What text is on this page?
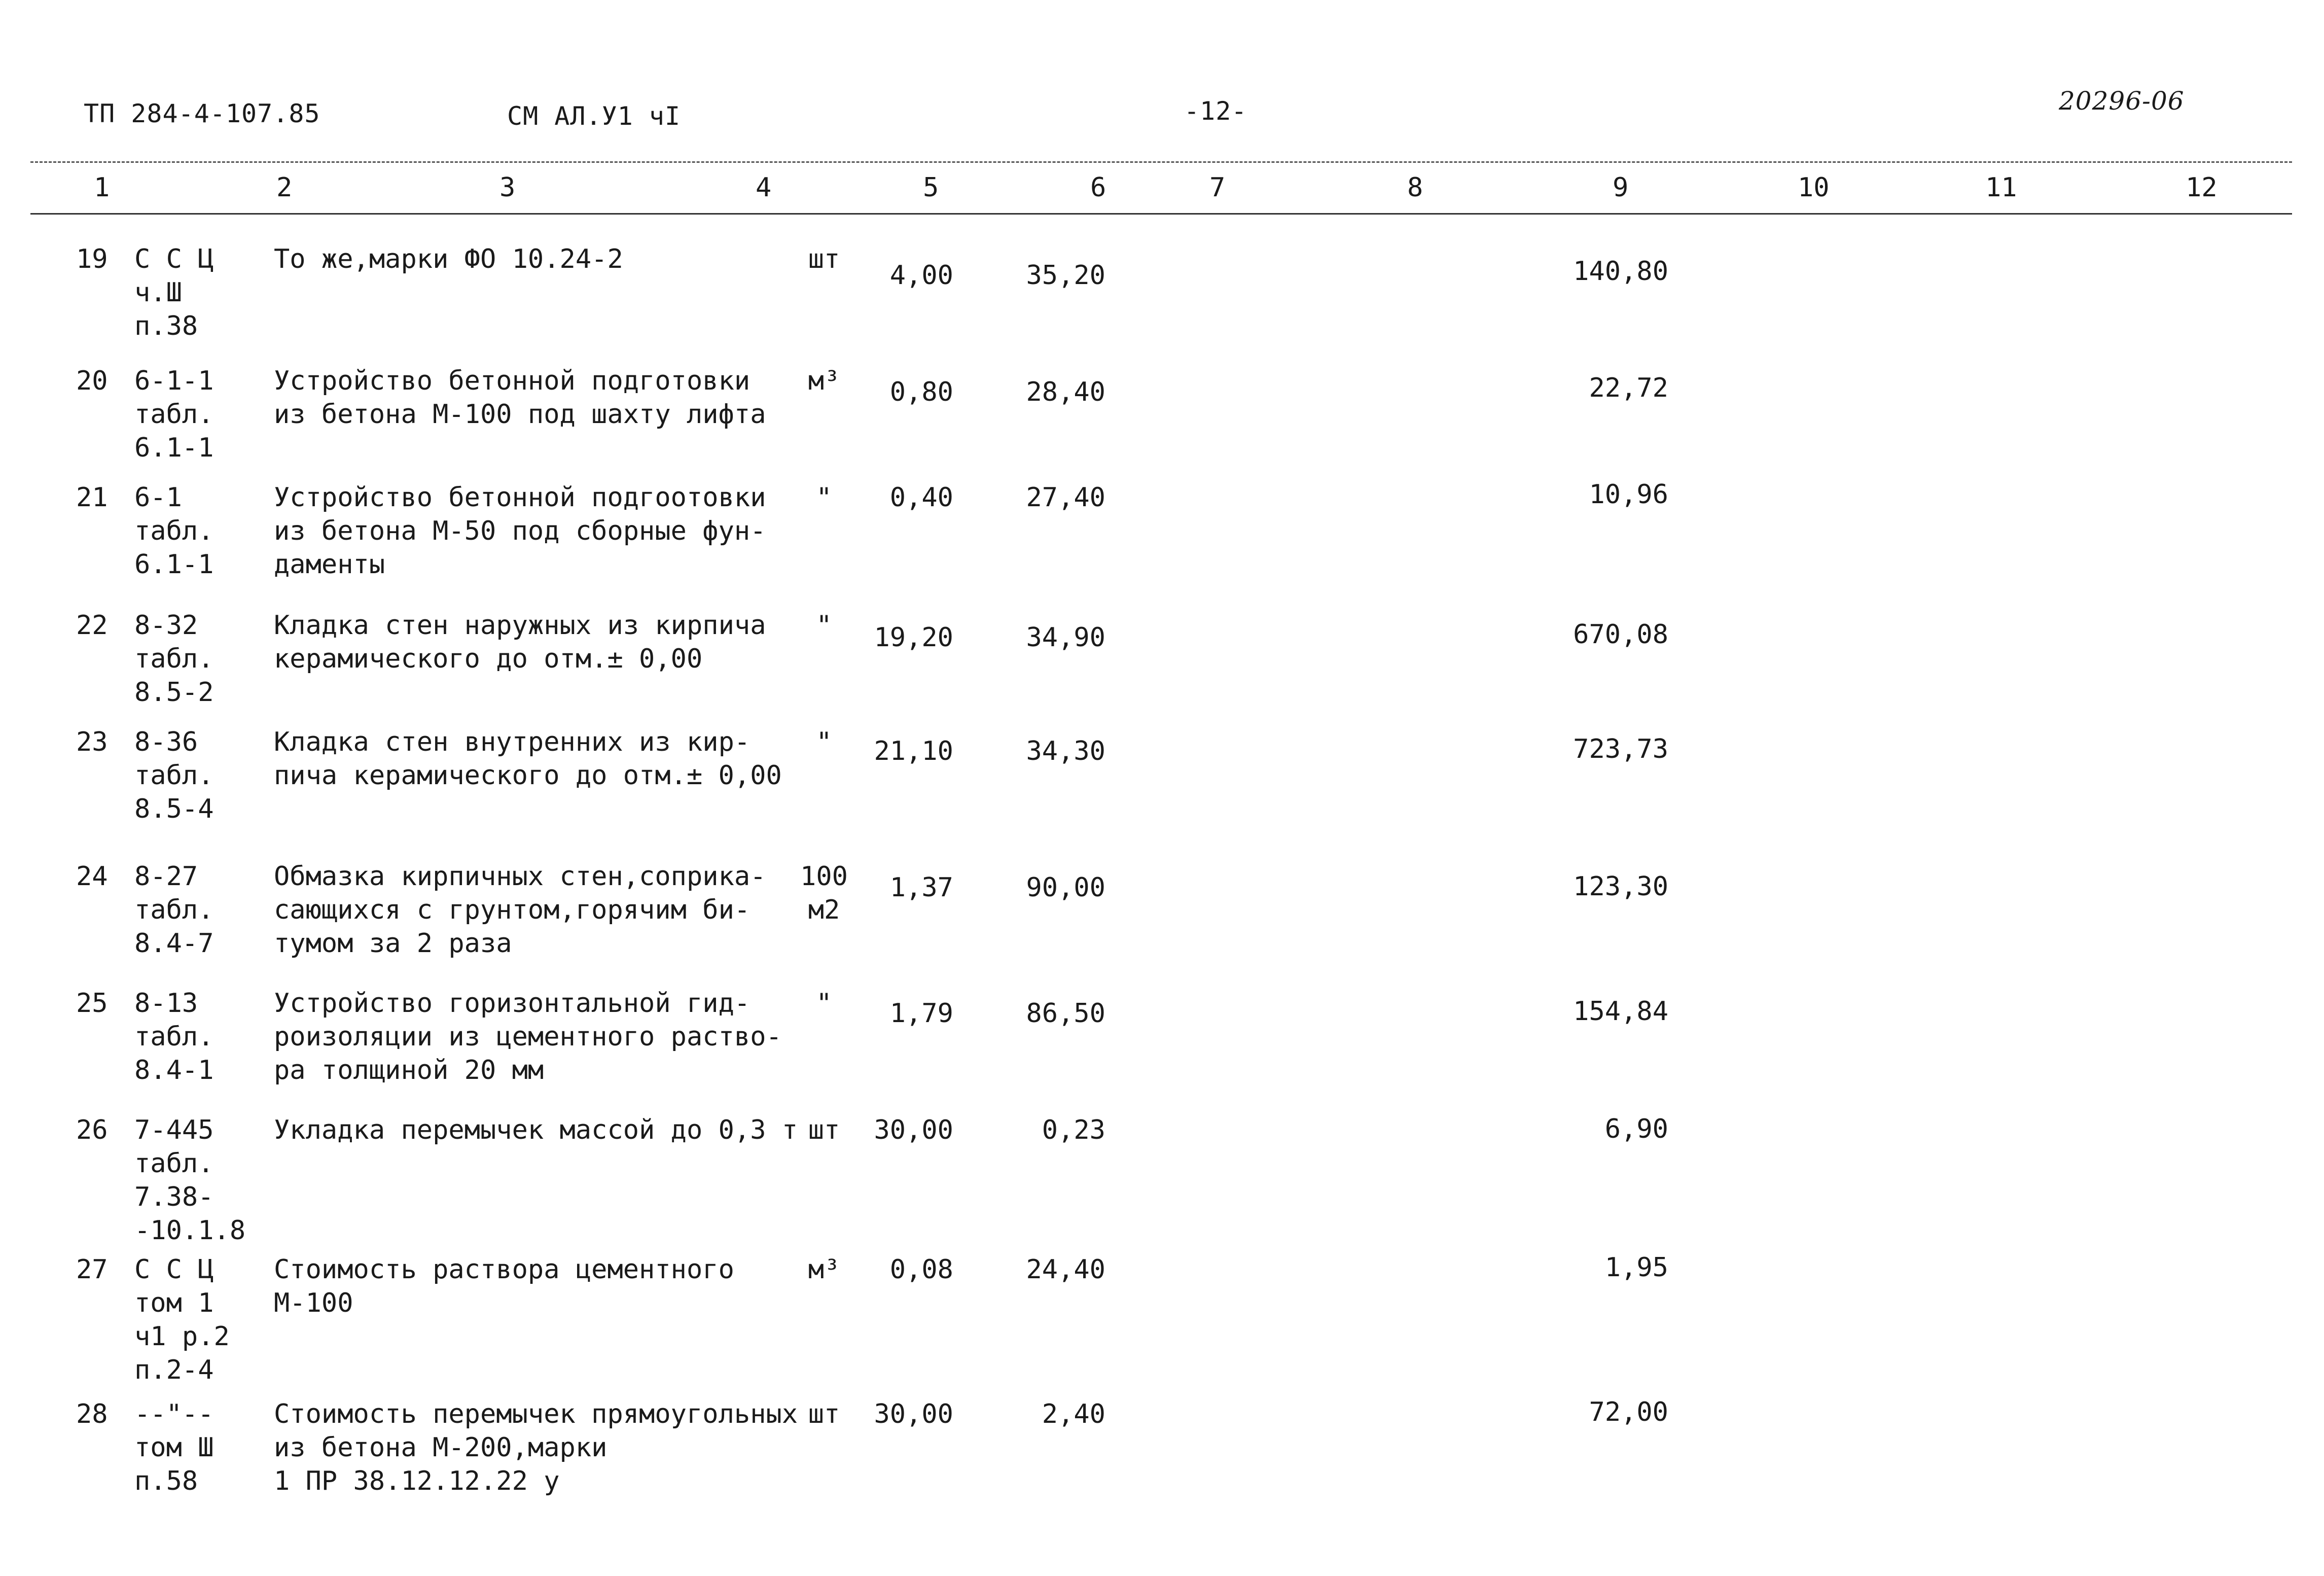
ТП 284-4-107.85	СМ АЛ.У1 чI	-12-	20296-06
1	2	3	4	5	6	7	8	9	10	11	12
19 С С Ц
ч.Ш
п.38
То же,марки ФО 10.24-2	шт
4,00	35,20	140,80
20 6-1-1
табл.
6.1-1
Устройство бетонной подготовки
из бетона М-100 под шахту лифта
м³	0,80	28,40	22,72
21 6-1
табл.
6.1-1
Устройство бетонной подгоотовки
из бетона М-50 под сборные фун-
даменты
"	0,40	27,40	10,96
22 8-32
табл.
8.5-2
Кладка стен наружных из кирпича
керамического до отм.± 0,00
"	19,20	34,90	670,08
23 8-36
табл.
8.5-4
Кладка стен внутренних из кир-
пича керамического до отм.± 0,00
"	21,10	34,30	723,73
24 8-27
табл.
8.4-7
Обмазка кирпичных стен,соприка-
сающихся с грунтом,горячим би-
тумом за 2 раза
100
м2
1,37	90,00	123,30
25 8-13
табл.
8.4-1
Устройство горизонтальной гид-
роизоляции из цементного раство-
ра толщиной 20 мм
"	1,79	86,50	154,84
26 7-445
табл.
7.38-
-10.1.8
Укладка перемычек массой до 0,3 т шт	30,00	0,23	6,90
27 С С Ц
том 1
ч1 р.2
п.2-4
Стоимость раствора цементного
М-100
м³	0,08	24,40	1,95
28 --"--
том Ш
п.58
Стоимость перемычек прямоугольных
из бетона М-200,марки
1 ПР 38.12.12.22 у
шт	30,00	2,40	72,00
